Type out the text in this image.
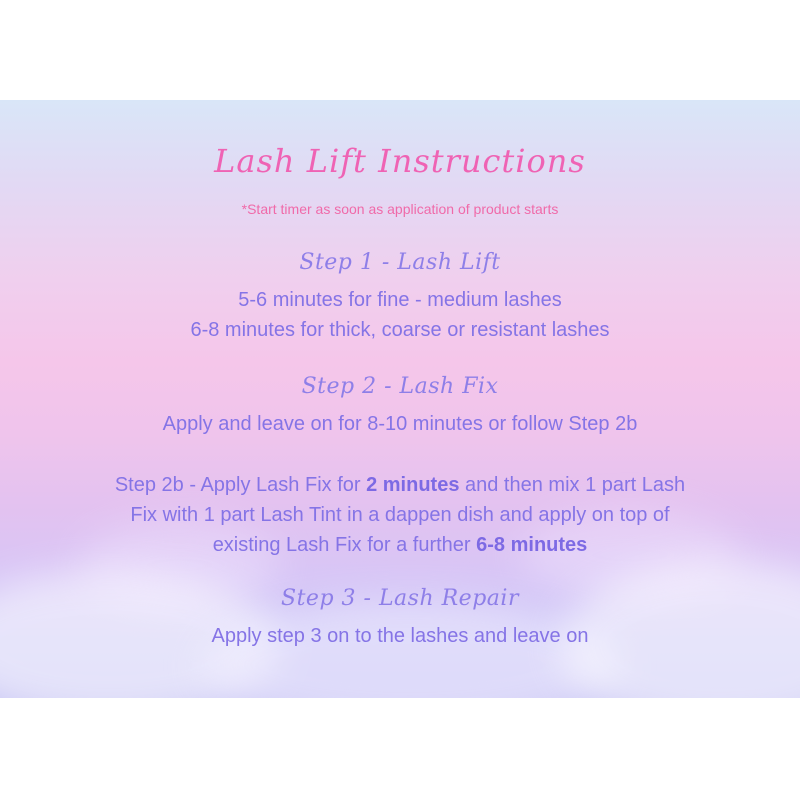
Lash Lift Instructions
*Start timer as soon as application of product starts
Step 1 - Lash Lift
5-6 minutes for fine - medium lashes
6-8 minutes for thick, coarse or resistant lashes
Step 2 - Lash Fix
Apply and leave on for 8-10 minutes or follow Step 2b
Step 2b - Apply Lash Fix for 2 minutes and then mix 1 part Lash
Fix with 1 part Lash Tint in a dappen dish and apply on top of
existing Lash Fix for a further 6-8 minutes
Step 3 - Lash Repair
Apply step 3 on to the lashes and leave on
